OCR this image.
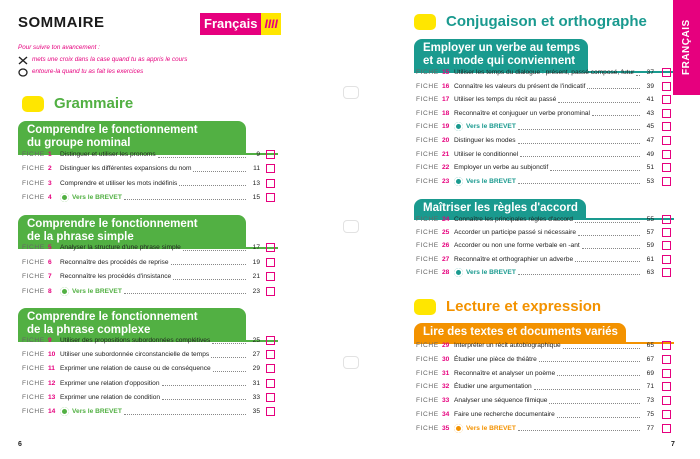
SOMMAIRE	Français IIII
Pour suivre ton avancement :
mets une croix dans la case quand tu as appris le cours
entoure-la quand tu as fait les exercices
Grammaire
Comprendre le fonctionnement
du groupe nominal
FICHE 1	Distinguer et utiliser les pronoms	9
FICHE 2	Distinguer les différentes expansions du nom	11
FICHE 3	Comprendre et utiliser les mots indéfinis	13
FICHE 4	Vers le BREVET	15
Comprendre le fonctionnement
de la phrase simple
FICHE 5	Analyser la structure d'une phrase simple	17
FICHE 6	Reconnaître des procédés de reprise	19
FICHE 7	Reconnaître les procédés d'insistance	21
FICHE 8	Vers le BREVET	23
Comprendre le fonctionnement
de la phrase complexe
FICHE 9	Utiliser des propositions subordonnées complétives	25
FICHE 10 Utiliser une subordonnée circonstancielle de temps	27
FICHE 11 Exprimer une relation de cause ou de conséquence	29
FICHE 12 Exprimer une relation d'opposition	31
FICHE 13 Exprimer une relation de condition	33
FICHE 14	Vers le BREVET	35
6
Conjugaison et orthographe
Lecture et expression
Employer un verbe au temps
et au mode qui conviennent
FICHE 15 Utiliser les temps du dialogue : présent, passé composé, futur	37
FICHE 16 Connaître les valeurs du présent de l'indicatif	39
FICHE 17 Utiliser les temps du récit au passé	41
FICHE 18 Reconnaître et conjuguer un verbe pronominal	43
FICHE 19	Vers le BREVET	45
FICHE 20 Distinguer les modes	47
FICHE 21 Utiliser le conditionnel	49
FICHE 22 Employer un verbe au subjonctif	51
FICHE 23	Vers le BREVET	53
Maîtriser les règles d'accord
FICHE 24 Connaître les principales règles d'accord	55
FICHE 25 Accorder un participe passé si nécessaire	57
FICHE 26 Accorder ou non une forme verbale en -ant	59
FICHE 27 Reconnaître et orthographier un adverbe	61
FICHE 28	Vers le BREVET	63
Lire des textes et documents variés
FICHE 29 Interpréter un récit autobiographique	65
FICHE 30 Étudier une pièce de théâtre	67
FICHE 31 Reconnaître et analyser un poème	69
FICHE 32 Étudier une argumentation	71
FICHE 33 Analyser une séquence filmique	73
FICHE 34 Faire une recherche documentaire	75
FICHE 35	Vers le BREVET	77
FRANÇAIS
7
